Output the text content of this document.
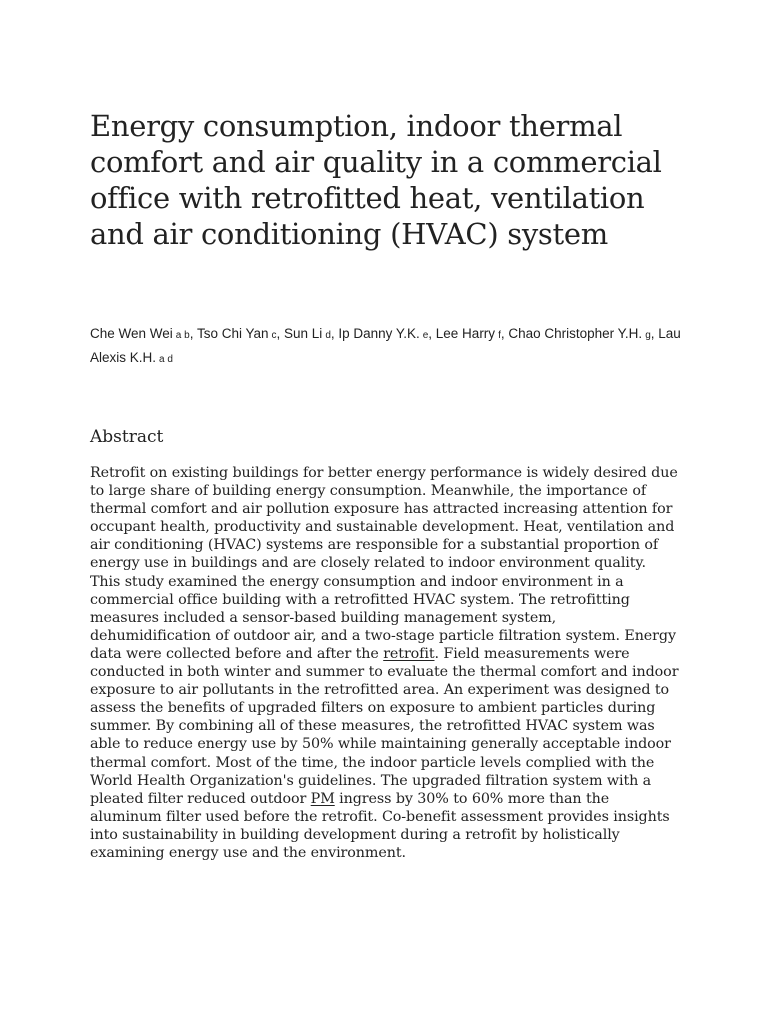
Energy consumption, indoor thermal comfort and air quality in a commercial office with retrofitted heat, ventilation and air conditioning (HVAC) system

Che Wen Wei a b, Tso Chi Yan c, Sun Li d, Ip Danny Y.K. e, Lee Harry f, Chao Christopher Y.H. g, Lau Alexis K.H. a d

Abstract

Retrofit on existing buildings for better energy performance is widely desired due to large share of building energy consumption. Meanwhile, the importance of thermal comfort and air pollution exposure has attracted increasing attention for occupant health, productivity and sustainable development. Heat, ventilation and air conditioning (HVAC) systems are responsible for a substantial proportion of energy use in buildings and are closely related to indoor environment quality. This study examined the energy consumption and indoor environment in a commercial office building with a retrofitted HVAC system. The retrofitting measures included a sensor-based building management system, dehumidification of outdoor air, and a two-stage particle filtration system. Energy data were collected before and after the retrofit. Field measurements were conducted in both winter and summer to evaluate the thermal comfort and indoor exposure to air pollutants in the retrofitted area. An experiment was designed to assess the benefits of upgraded filters on exposure to ambient particles during summer. By combining all of these measures, the retrofitted HVAC system was able to reduce energy use by 50% while maintaining generally acceptable indoor thermal comfort. Most of the time, the indoor particle levels complied with the World Health Organization's guidelines. The upgraded filtration system with a pleated filter reduced outdoor PM ingress by 30% to 60% more than the aluminum filter used before the retrofit. Co-benefit assessment provides insights into sustainability in building development during a retrofit by holistically examining energy use and the environment.
